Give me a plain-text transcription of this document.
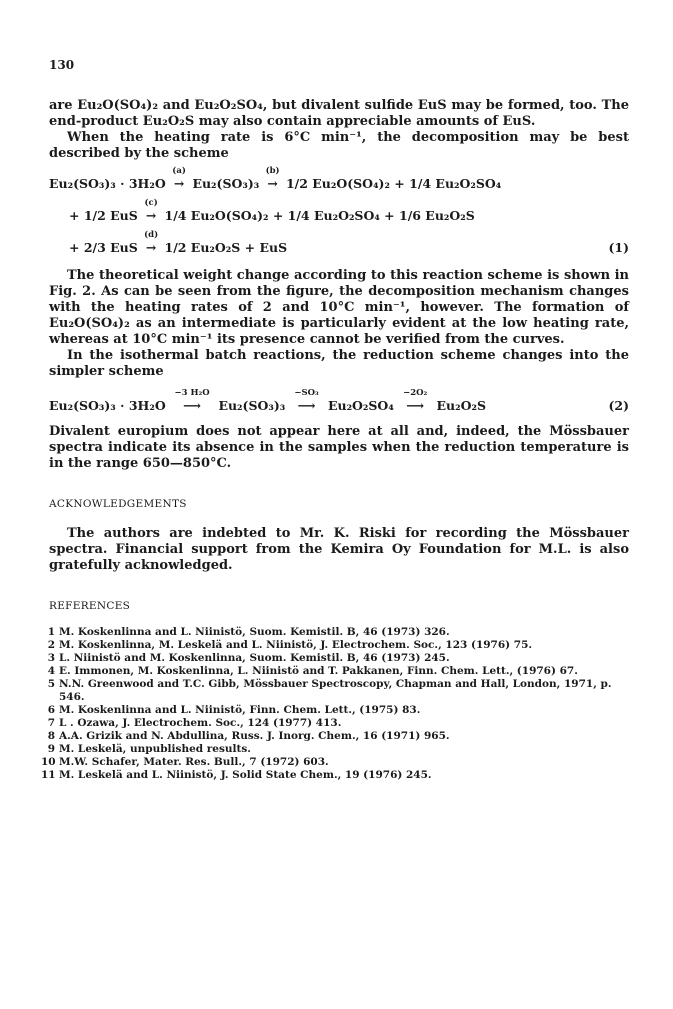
130

are Eu₂O(SO₄)₂ and Eu₂O₂SO₄, but divalent sulfide EuS may be formed, too. The end-product Eu₂O₂S may also contain appreciable amounts of EuS.

When the heating rate is 6°C min⁻¹, the decomposition may be best described by the scheme

Eu₂(SO₃)₃ · 3H₂O
(a)
→ Eu₂(SO₃)₃
(b)
→ 1/2 Eu₂O(SO₄)₂ + 1/4 Eu₂O₂SO₄
+ 1/2 EuS
(c)
→ 1/4 Eu₂O(SO₄)₂ + 1/4 Eu₂O₂SO₄ + 1/6 Eu₂O₂S
+ 2/3 EuS
(d)
→ 1/2 Eu₂O₂S + EuS	(1)

The theoretical weight change according to this reaction scheme is shown in Fig. 2. As can be seen from the figure, the decomposition mechanism changes with the heating rates of 2 and 10°C min⁻¹, however. The formation of Eu₂O(SO₄)₂ as an intermediate is particularly evident at the low heating rate, whereas at 10°C min⁻¹ its presence cannot be verified from the curves.

In the isothermal batch reactions, the reduction scheme changes into the simpler scheme

Eu₂(SO₃)₃ · 3H₂O
−3 H₂O
⟶ Eu₂(SO₃)₃
−SO₃
⟶ Eu₂O₂SO₄
−2O₂
⟶ Eu₂O₂S	(2)

Divalent europium does not appear here at all and, indeed, the Mössbauer spectra indicate its absence in the samples when the reduction temperature is in the range 650—850°C.

ACKNOWLEDGEMENTS

The authors are indebted to Mr. K. Riski for recording the Mössbauer spectra. Financial support from the Kemira Oy Foundation for M.L. is also gratefully acknowledged.

REFERENCES
1 M. Koskenlinna and L. Niinistö, Suom. Kemistil. B, 46 (1973) 326.
2 M. Koskenlinna, M. Leskelä and L. Niinistö, J. Electrochem. Soc., 123 (1976) 75.
3 L. Niinistö and M. Koskenlinna, Suom. Kemistil. B, 46 (1973) 245.
4 E. Immonen, M. Koskenlinna, L. Niinistö and T. Pakkanen, Finn. Chem. Lett., (1976) 67.
5 N.N. Greenwood and T.C. Gibb, Mössbauer Spectroscopy, Chapman and Hall, London, 1971, p. 546.
6 M. Koskenlinna and L. Niinistö, Finn. Chem. Lett., (1975) 83.
7 L . Ozawa, J. Electrochem. Soc., 124 (1977) 413.
8 A.A. Grizik and N. Abdullina, Russ. J. Inorg. Chem., 16 (1971) 965.
9 M. Leskelä, unpublished results.
10 M.W. Schafer, Mater. Res. Bull., 7 (1972) 603.
11 M. Leskelä and L. Niinistö, J. Solid State Chem., 19 (1976) 245.
